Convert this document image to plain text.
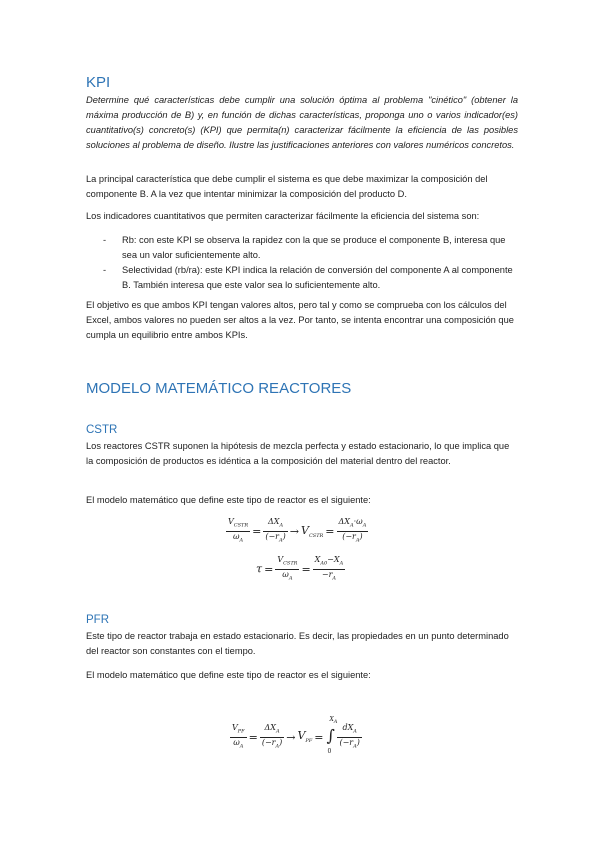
KPI
Determine qué características debe cumplir una solución óptima al problema "cinético" (obtener la máxima producción de B) y, en función de dichas características, proponga uno o varios indicador(es) cuantitativo(s) concreto(s) (KPI) que permita(n) caracterizar fácilmente la eficiencia de las posibles soluciones al problema de diseño. Ilustre las justificaciones anteriores con valores numéricos concretos.
La principal característica que debe cumplir el sistema es que debe maximizar la composición del componente B. A la vez que intentar minimizar la composición del producto D.
Los indicadores cuantitativos que permiten caracterizar fácilmente la eficiencia del sistema son:
- Rb: con este KPI se observa la rapidez con la que se produce el componente B, interesa que sea un valor suficientemente alto.
- Selectividad (rb/ra): este KPI indica la relación de conversión del componente A al componente B. También interesa que este valor sea lo suficientemente alto.
El objetivo es que ambos KPI tengan valores altos, pero tal y como se comprueba con los cálculos del Excel, ambos valores no pueden ser altos a la vez. Por tanto, se intenta encontrar una composición que cumpla un equilibrio entre ambos KPIs.
MODELO MATEMÁTICO REACTORES
CSTR
Los reactores CSTR suponen la hipótesis de mezcla perfecta y estado estacionario, lo que implica que la composición de productos es idéntica a la composición del material dentro del reactor.
El modelo matemático que define este tipo de reactor es el siguiente:
$\frac{V_{CSTR}}{\omega_A} = \frac{\Delta X_A}{(-r_A)} \to V_{CSTR} = \frac{\Delta X_A\cdot\omega_A}{(-r_A)}$
$\tau = \frac{V_{CSTR}}{\omega_A} = \frac{X_{A0}-X_A}{-r_A}$
PFR
Este tipo de reactor trabaja en estado estacionario. Es decir, las propiedades en un punto determinado del reactor son constantes con el tiempo.
El modelo matemático que define este tipo de reactor es el siguiente:
$\frac{V_{PF}}{\omega_A} = \frac{\Delta X_A}{(-r_A)} \to V_{PF}$ =
$X_A$
∫
0
$\frac{dX_A}{(-r_A)}$
